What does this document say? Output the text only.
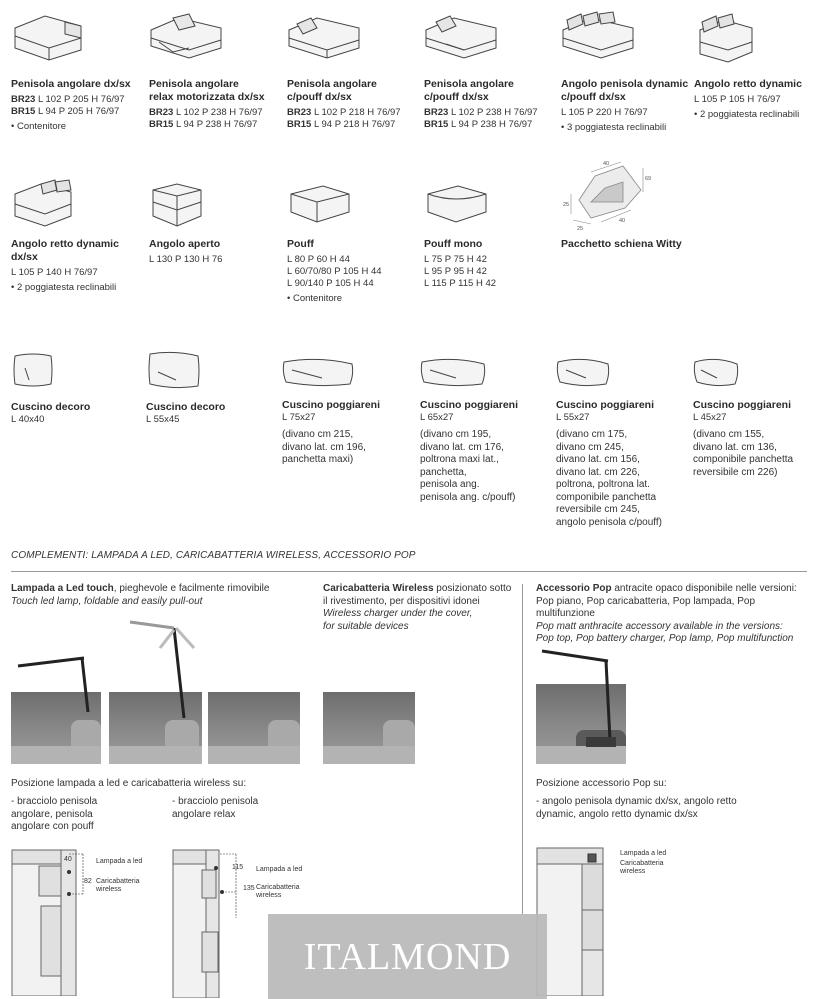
Penisola angolare dx/sx
BR23 L 102 P 205 H 76/97
BR15 L 94 P 205 H 76/97
• Contenitore
Penisola angolare
relax motorizzata dx/sx
BR23 L 102 P 238 H 76/97
BR15 L 94 P 238 H 76/97
Penisola angolare
c/pouff dx/sx
BR23 L 102 P 218 H 76/97
BR15 L 94 P 218 H 76/97
Penisola angolare
c/pouff dx/sx
BR23 L 102 P 238 H 76/97
BR15 L 94 P 238 H 76/97
Angolo penisola dynamic
c/pouff dx/sx
L 105 P 220 H 76/97
• 3 poggiatesta reclinabili
Angolo retto dynamic
L 105 P 105 H 76/97
• 2 poggiatesta reclinabili
Angolo retto dynamic
dx/sx
L 105 P 140 H 76/97
• 2 poggiatesta reclinabili
Angolo aperto
L 130 P 130 H 76
Pouff
L 80 P 60 H 44
L 60/70/80 P 105 H 44
L 90/140 P 105 H 44
• Contenitore
Pouff mono
L 75 P 75 H 42
L 95 P 95 H 42
L 115 P 115 H 42
40
69
25
25
40
Pacchetto schiena Witty
Cuscino decoro
L 40x40
Cuscino decoro
L 55x45
Cuscino poggiareni
L 75x27
(divano cm 215,
divano lat. cm 196,
panchetta maxi)
Cuscino poggiareni
L 65x27
(divano cm 195,
divano lat. cm 176,
poltrona maxi lat.,
panchetta,
penisola ang.
penisola ang. c/pouff)
Cuscino poggiareni
L 55x27
(divano cm 175,
divano cm 245,
divano lat. cm 156,
divano lat. cm 226,
poltrona, poltrona lat.
componibile panchetta
reversibile cm 245,
angolo penisola c/pouff)
Cuscino poggiareni
L 45x27
(divano cm 155,
divano lat. cm 136,
componibile panchetta
reversibile cm 226)
COMPLEMENTI: LAMPADA A LED, CARICABATTERIA WIRELESS, ACCESSORIO POP
Lampada a Led touch, pieghevole e facilmente rimovibile
Touch led lamp, foldable and easily pull-out
Caricabatteria Wireless posizionato sotto
il rivestimento, per dispositivi idonei
Wireless charger under the cover,
for suitable devices
Accessorio Pop antracite opaco disponibile nelle versioni:
Pop piano, Pop caricabatteria, Pop lampada, Pop multifunzione
Pop matt anthracite accessory available in the versions:
Pop top, Pop battery charger, Pop lamp, Pop multifunction
Posizione lampada a led e caricabatteria wireless su:
- bracciolo penisola
angolare, penisola
angolare con pouff
- bracciolo penisola
angolare relax
Posizione accessorio Pop su:
- angolo penisola dynamic dx/sx, angolo retto
dynamic, angolo retto dynamic dx/sx
40
82
Lampada a led
Caricabatteria wireless
115
135
Lampada a led
Caricabatteria wireless
Lampada a led
Caricabatteria wireless
ITALMOND
